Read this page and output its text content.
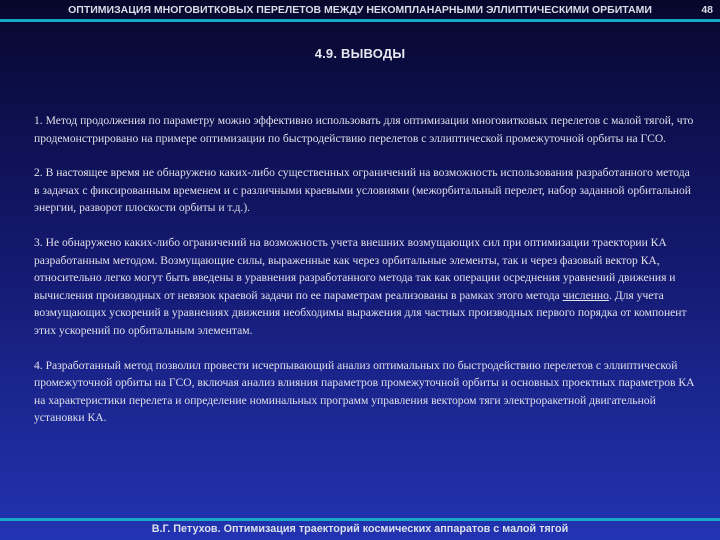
ОПТИМИЗАЦИЯ МНОГОВИТКОВЫХ ПЕРЕЛЕТОВ МЕЖДУ НЕКОМПЛАНАРНЫМИ ЭЛЛИПТИЧЕСКИМИ ОРБИТАМИ	48
4.9. ВЫВОДЫ

1. Метод продолжения по параметру можно эффективно использовать для оптимизации многовитковых перелетов с малой тягой, что продемонстрировано на примере оптимизации по быстродействию перелетов с эллиптической промежуточной орбиты на ГСО.

2. В настоящее время не обнаружено каких-либо существенных ограничений на возможность использования разработанного метода в задачах с фиксированным временем и с различными краевыми условиями (межорбитальный перелет, набор заданной орбитальной энергии, разворот плоскости орбиты и т.д.).

3. Не обнаружено каких-либо ограничений на возможность учета внешних возмущающих сил при оптимизации траектории КА разработанным методом. Возмущающие силы, выраженные как через орбитальные элементы, так и через фазовый вектор КА, относительно легко могут быть введены в уравнения разработанного метода так как операции осреднения уравнений движения и вычисления производных от невязок краевой задачи по ее параметрам реализованы в рамках этого метода численно. Для учета возмущающих ускорений в уравнениях движения необходимы выражения для частных производных первого порядка от компонент этих ускорений по орбитальным элементам.

4. Разработанный метод позволил провести исчерпывающий анализ оптимальных по быстродействию перелетов с эллиптической промежуточной орбиты на ГСО, включая анализ влияния параметров промежуточной орбиты и основных проектных параметров КА на характеристики перелета и определение номинальных программ управления вектором тяги электроракетной двигательной установки КА.

В.Г. Петухов. Оптимизация траекторий космических аппаратов с малой тягой
